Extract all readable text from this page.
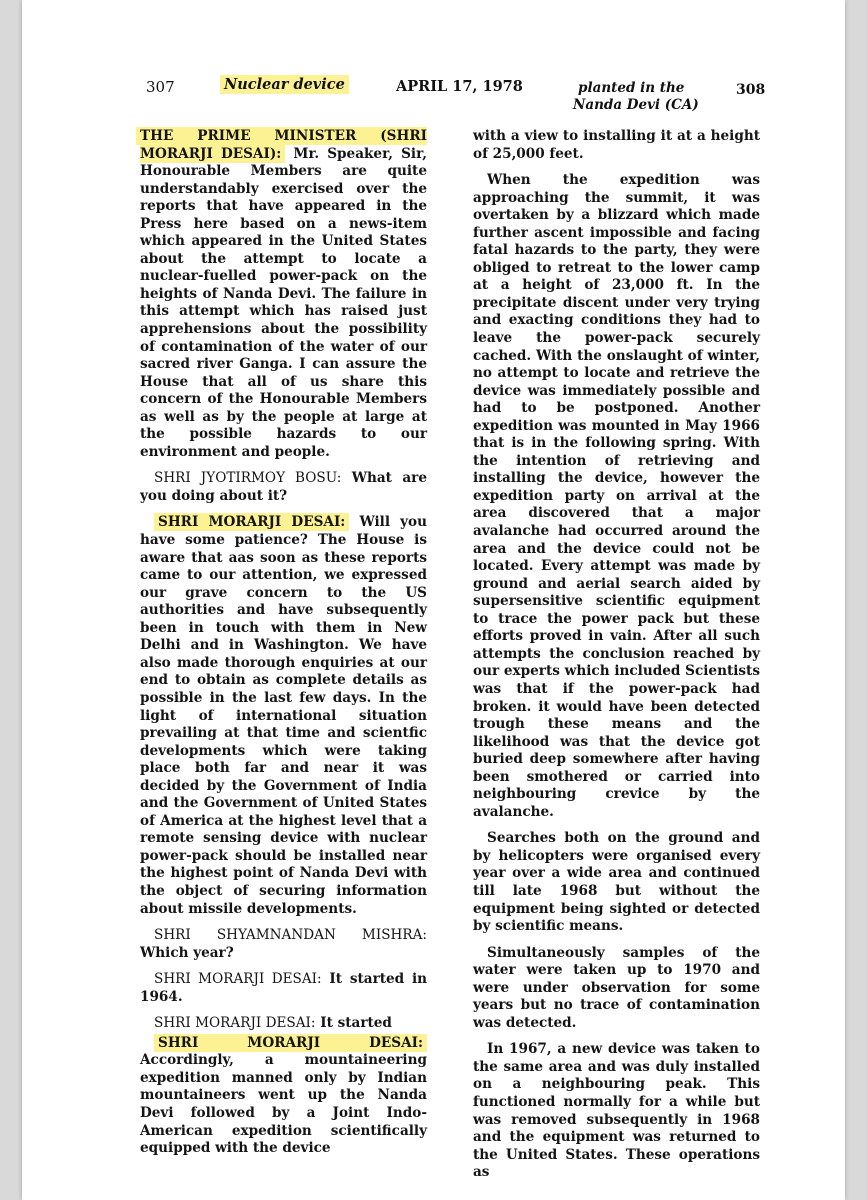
307	Nuclear device	APRIL 17, 1978	planted in the
Nanda Devi (CA)
308

THE PRIME MINISTER (SHRI MORARJI DESAI): Mr. Speaker, Sir, Honourable Members are quite understandably exercised over the reports that have appeared in the Press here based on a news-item which appeared in the United States about the attempt to locate a nuclear-fuelled power-pack on the heights of Nanda Devi. The failure in this attempt which has raised just apprehensions about the possibility of contamination of the water of our sacred river Ganga. I can assure the House that all of us share this concern of the Honourable Members as well as by the people at large at the possible hazards to our environment and people.

SHRI JYOTIRMOY BOSU: What are you doing about it?

SHRI MORARJI DESAI: Will you have some patience? The House is aware that aas soon as these reports came to our attention, we expressed our grave concern to the US authorities and have subsequently been in touch with them in New Delhi and in Washington. We have also made thorough enquiries at our end to obtain as complete details as possible in the last few days. In the light of international situation prevailing at that time and scientfic developments which were taking place both far and near it was decided by the Government of India and the Government of United States of America at the highest level that a remote sensing device with nuclear power-pack should be installed near the highest point of Nanda Devi with the object of securing information about missile developments.

SHRI SHYAMNANDAN MISHRA: Which year?

SHRI MORARJI DESAI: It started in 1964.

SHRI MORARJI DESAI: It started

SHRI MORARJI DESAI: Accordingly, a mountaineering expedition manned only by Indian mountaineers went up the Nanda Devi followed by a Joint Indo-American expedition scientifically equipped with the device

with a view to installing it at a height of 25,000 feet.

When the expedition was approaching the summit, it was overtaken by a blizzard which made further ascent impossible and facing fatal hazards to the party, they were obliged to retreat to the lower camp at a height of 23,000 ft. In the precipitate discent under very trying and exacting conditions they had to leave the power-pack securely cached. With the onslaught of winter, no attempt to locate and retrieve the device was immediately possible and had to be postponed. Another expedition was mounted in May 1966 that is in the following spring. With the intention of retrieving and installing the device, however the expedition party on arrival at the area discovered that a major avalanche had occurred around the area and the device could not be located. Every attempt was made by ground and aerial search aided by supersensitive scientific equipment to trace the power pack but these efforts proved in vain. After all such attempts the conclusion reached by our experts which included Scientists was that if the power-pack had broken. it would have been detected trough these means and the likelihood was that the device got buried deep somewhere after having been smothered or carried into neighbouring crevice by the avalanche.

Searches both on the ground and by helicopters were organised every year over a wide area and continued till late 1968 but without the equipment being sighted or detected by scientific means.

Simultaneously samples of the water were taken up to 1970 and were under observation for some years but no trace of contamination was detected.

In 1967, a new device was taken to the same area and was duly installed on a neighbouring peak. This functioned normally for a while but was removed subsequently in 1968 and the equipment was returned to the United States. These operations as
